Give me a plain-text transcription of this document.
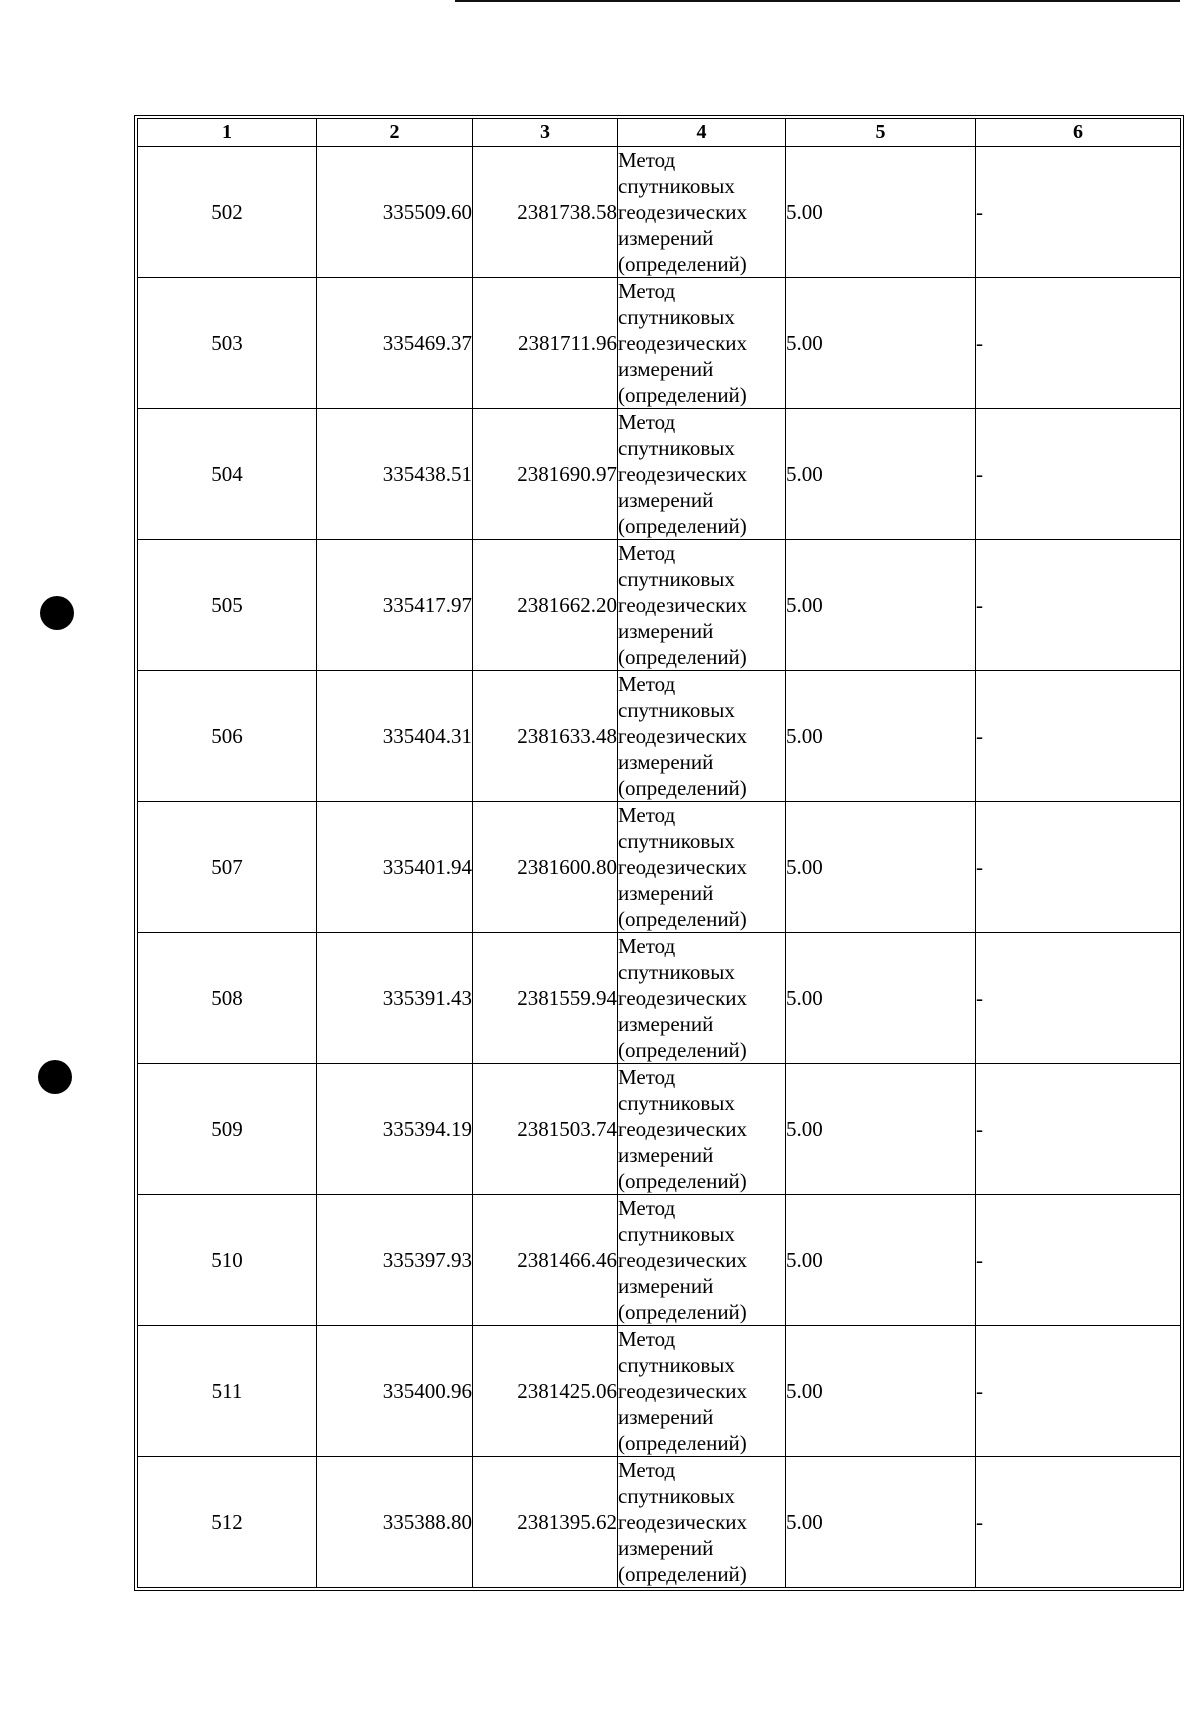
1	2	3	4	5	6
502	335509.60	2381738.58	Метод
спутниковых
геодезических
измерений
(определений)	5.00	-
503	335469.37	2381711.96	Метод
спутниковых
геодезических
измерений
(определений)	5.00	-
504	335438.51	2381690.97	Метод
спутниковых
геодезических
измерений
(определений)	5.00	-
505	335417.97	2381662.20	Метод
спутниковых
геодезических
измерений
(определений)	5.00	-
506	335404.31	2381633.48	Метод
спутниковых
геодезических
измерений
(определений)	5.00	-
507	335401.94	2381600.80	Метод
спутниковых
геодезических
измерений
(определений)	5.00	-
508	335391.43	2381559.94	Метод
спутниковых
геодезических
измерений
(определений)	5.00	-
509	335394.19	2381503.74	Метод
спутниковых
геодезических
измерений
(определений)	5.00	-
510	335397.93	2381466.46	Метод
спутниковых
геодезических
измерений
(определений)	5.00	-
511	335400.96	2381425.06	Метод
спутниковых
геодезических
измерений
(определений)	5.00	-
512	335388.80	2381395.62	Метод
спутниковых
геодезических
измерений
(определений)	5.00	-
